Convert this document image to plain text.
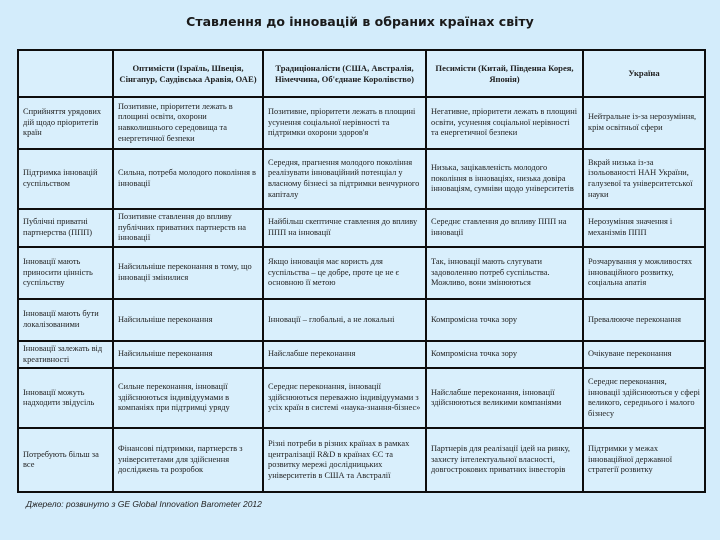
Ставлення до інновацій в обраних країнах світу
	Оптимісти (Ізраїль, Швеція, Сінгапур, Саудівська Аравія, ОАЕ)	Традиціоналісти (США, Австралія, Німеччина, Об'єднане Королівство)	Песимісти (Китай, Південна Корея, Японія)	Україна
Сприйняття урядових дій щодо пріоритетів країн	Позитивне, пріоритети лежать в площині освіти, охорони навколишнього середовища та енергетичної безпеки	Позитивне, пріоритети лежать в площині усунення соціальної нерівності та підтримки охорони здоров'я	Негативне, пріоритети лежать в площині освіти, усунення соціальної нерівності та енергетичної безпеки	Нейтральне із-за нерозуміння, крім освітньої сфери
Підтримка інновацій суспільством	Сильна, потреба молодого покоління в інновації	Середня, прагнення молодого покоління реалізувати інноваційний потенціал у власному бізнесі за підтримки венчурного капіталу	Низька, зацікавленість молодого покоління в інноваціях, низька довіра інноваціям, сумніви щодо університетів	Вкрай низька із-за ізольованості НАН України, галузевої та університетської науки
Публічні приватні партнерства (ППП)	Позитивне ставлення до впливу публічних приватних партнерств на інновації	Найбільш скептичне ставлення до впливу ППП на інновації	Середнє ставлення до впливу ППП на інновації	Нерозуміння значення і механізмів ППП
Інновації мають приносити цінність суспільству	Найсильніше переконання в тому, що інновації змінилися	Якщо інновація має користь для суспільства – це добре, проте це не є основною її метою	Так, інновації мають слугувати задоволенню потреб суспільства. Можливо, вони змінюються	Розчарування у можливостях інноваційного розвитку, соціальна апатія
Інновації мають бути локалізованими	Найсильніше переконання	Інновації – глобальні, а не локальні	Компромісна точка зору	Превалююче переконання
Інновації залежать від креативності	Найсильніше переконання	Найслабше переконання	Компромісна точка зору	Очікуване переконання
Інновації можуть надходити звідусіль	Сильне переконання, інновації здійснюються індивідуумами в компаніях при підтримці уряду	Середнє переконання, інновації здійснюються переважно індивідуумами з усіх країн в системі «наука-знання-бізнес»	Найслабше переконання, інновації здійснюються великими компаніями	Середнє переконання, інновації здійснюються у сфері великого, середнього і малого бізнесу
Потребують більш за все	Фінансові підтримки, партнерств з університетами для здійснення досліджень та розробок	Різні потреби в різних країнах в рамках централізації R&D в країнах ЄС та розвитку мережі дослідницьких університетів в США та Австралії	Партнерів для реалізації ідей на ринку, захисту інтелектуальної власності, довгострокових приватних інвесторів	Підтримки у межах інноваційної державної стратегії розвитку
Джерело: розвинуто з GE Global Innovation Barometer 2012
